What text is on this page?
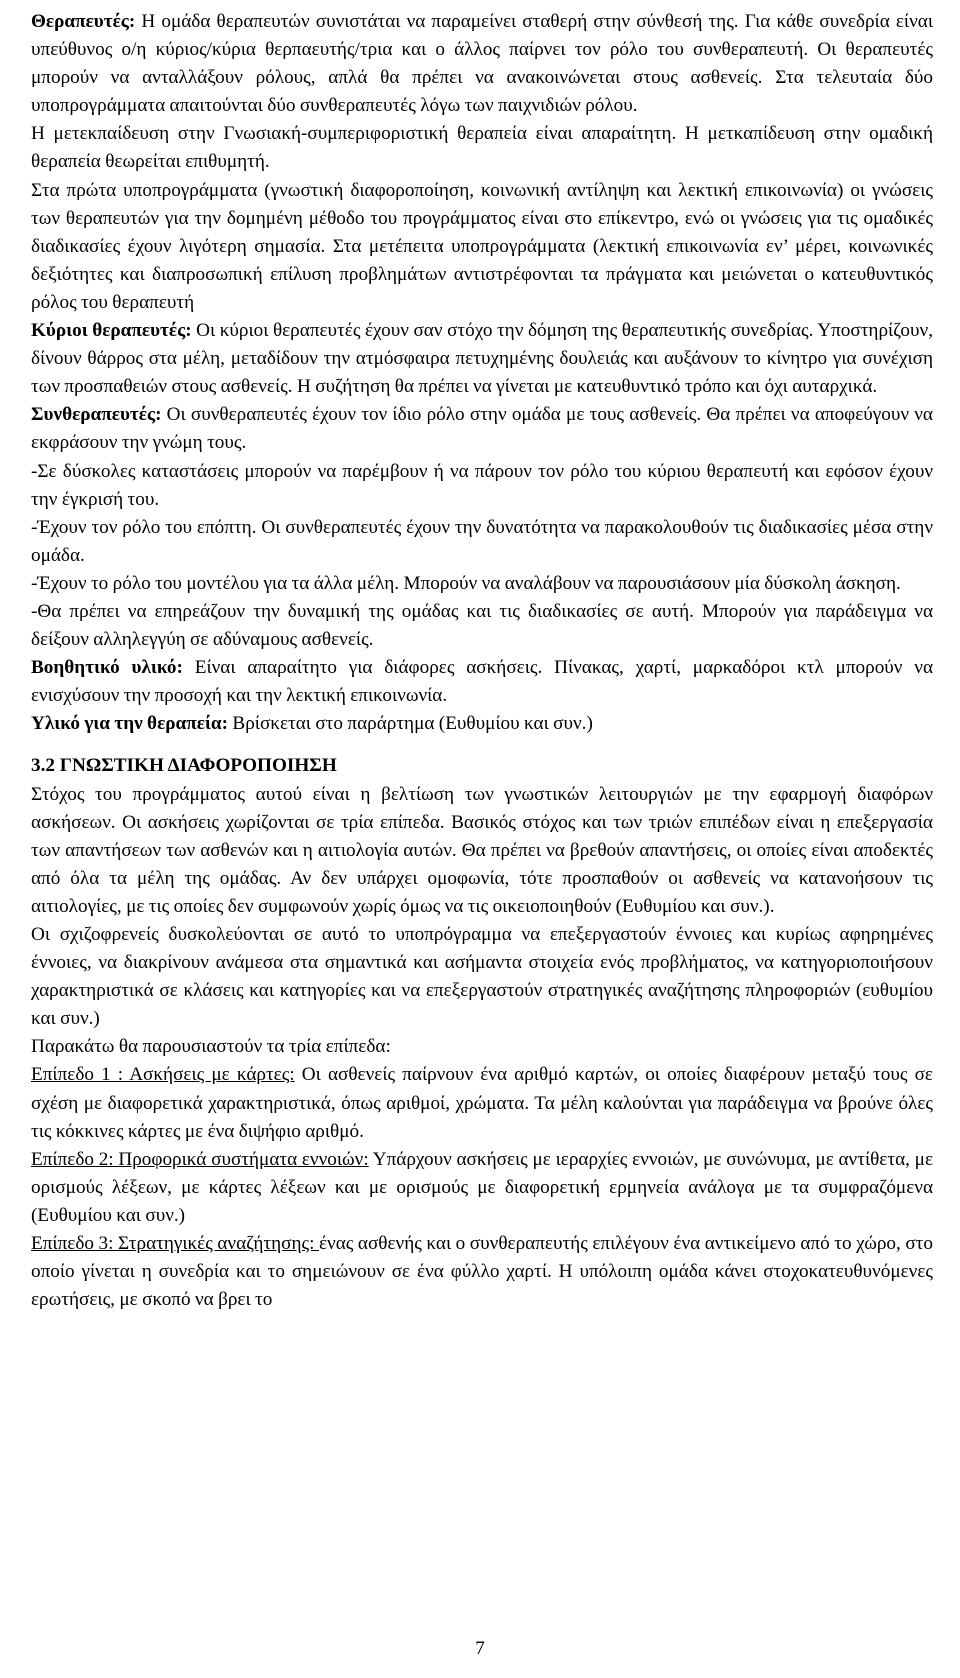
Θεραπευτές: Η ομάδα θεραπευτών συνιστάται να παραμείνει σταθερή στην σύνθεσή της. Για κάθε συνεδρία είναι υπεύθυνος ο/η κύριος/κύρια θερπαευτής/τρια και ο άλλος παίρνει τον ρόλο του συνθεραπευτή. Οι θεραπευτές μπορούν να ανταλλάξουν ρόλους, απλά θα πρέπει να ανακοινώνεται στους ασθενείς. Στα τελευταία δύο υποπρογράμματα απαιτούνται δύο συνθεραπευτές λόγω των παιχνιδιών ρόλου.

Η μετεκπαίδευση στην Γνωσιακή-συμπεριφοριστική θεραπεία είναι απαραίτητη. Η μετκαπίδευση στην ομαδική θεραπεία θεωρείται επιθυμητή.

Στα πρώτα υποπρογράμματα (γνωστική διαφοροποίηση, κοινωνική αντίληψη και λεκτική επικοινωνία) οι γνώσεις των θεραπευτών για την δομημένη μέθοδο του προγράμματος είναι στο επίκεντρο, ενώ οι γνώσεις για τις ομαδικές διαδικασίες έχουν λιγότερη σημασία. Στα μετέπειτα υποπρογράμματα (λεκτική επικοινωνία εν’ μέρει, κοινωνικές δεξιότητες και διαπροσωπική επίλυση προβλημάτων αντιστρέφονται τα πράγματα και μειώνεται ο κατευθυντικός ρόλος του θεραπευτή

Κύριοι θεραπευτές: Οι κύριοι θεραπευτές έχουν σαν στόχο την δόμηση της θεραπευτικής συνεδρίας. Υποστηρίζουν, δίνουν θάρρος στα μέλη, μεταδίδουν την ατμόσφαιρα πετυχημένης δουλειάς και αυξάνουν το κίνητρο για συνέχιση των προσπαθειών στους ασθενείς. Η συζήτηση θα πρέπει να γίνεται με κατευθυντικό τρόπο και όχι αυταρχικά.

Συνθεραπευτές: Οι συνθεραπευτές έχουν τον ίδιο ρόλο στην ομάδα με τους ασθενείς. Θα πρέπει να αποφεύγουν να εκφράσουν την γνώμη τους.

-Σε δύσκολες καταστάσεις μπορούν να παρέμβουν ή να πάρουν τον ρόλο του κύριου θεραπευτή και εφόσον έχουν την έγκρισή του.

-Έχουν τον ρόλο του επόπτη. Οι συνθεραπευτές έχουν την δυνατότητα να παρακολουθούν τις διαδικασίες μέσα στην ομάδα.

-Έχουν το ρόλο του μοντέλου για τα άλλα μέλη. Μπορούν να αναλάβουν να παρουσιάσουν μία δύσκολη άσκηση.

-Θα πρέπει να επηρεάζουν την δυναμική της ομάδας και τις διαδικασίες σε αυτή. Μπορούν για παράδειγμα να δείξουν αλληλεγγύη σε αδύναμους ασθενείς.

Βοηθητικό υλικό: Είναι απαραίτητο για διάφορες ασκήσεις. Πίνακας, χαρτί, μαρκαδόροι κτλ μπορούν να ενισχύσουν την προσοχή και την λεκτική επικοινωνία.

Υλικό για την θεραπεία: Βρίσκεται στο παράρτημα (Ευθυμίου και συν.)

3.2 ΓΝΩΣΤΙΚΗ ΔΙΑΦΟΡΟΠΟΙΗΣΗ

Στόχος του προγράμματος αυτού είναι η βελτίωση των γνωστικών λειτουργιών με την εφαρμογή διαφόρων ασκήσεων. Οι ασκήσεις χωρίζονται σε τρία επίπεδα. Βασικός στόχος και των τριών επιπέδων είναι η επεξεργασία των απαντήσεων των ασθενών και η αιτιολογία αυτών. Θα πρέπει να βρεθούν απαντήσεις, οι οποίες είναι αποδεκτές από όλα τα μέλη της ομάδας. Αν δεν υπάρχει ομοφωνία, τότε προσπαθούν οι ασθενείς να κατανοήσουν τις αιτιολογίες, με τις οποίες δεν συμφωνούν χωρίς όμως να τις οικειοποιηθούν (Ευθυμίου και συν.).

Οι σχιζοφρενείς δυσκολεύονται σε αυτό το υποπρόγραμμα να επεξεργαστούν έννοιες και κυρίως αφηρημένες έννοιες, να διακρίνουν ανάμεσα στα σημαντικά και ασήμαντα στοιχεία ενός προβλήματος, να κατηγοριοποιήσουν χαρακτηριστικά σε κλάσεις και κατηγορίες και να επεξεργαστούν στρατηγικές αναζήτησης πληροφοριών (ευθυμίου και συν.)

Παρακάτω θα παρουσιαστούν τα τρία επίπεδα:

Επίπεδο 1 : Ασκήσεις με κάρτες: Οι ασθενείς παίρνουν ένα αριθμό καρτών, οι οποίες διαφέρουν μεταξύ τους σε σχέση με διαφορετικά χαρακτηριστικά, όπως αριθμοί, χρώματα. Τα μέλη καλούνται για παράδειγμα να βρούνε όλες τις κόκκινες κάρτες με ένα διψήφιο αριθμό.

Επίπεδο 2: Προφορικά συστήματα εννοιών: Υπάρχουν ασκήσεις με ιεραρχίες εννοιών, με συνώνυμα, με αντίθετα, με ορισμούς λέξεων, με κάρτες λέξεων και με ορισμούς με διαφορετική ερμηνεία ανάλογα με τα συμφραζόμενα (Ευθυμίου και συν.)

Επίπεδο 3: Στρατηγικές αναζήτησης: ένας ασθενής και ο συνθεραπευτής επιλέγουν ένα αντικείμενο από το χώρο, στο οποίο γίνεται η συνεδρία και το σημειώνουν σε ένα φύλλο χαρτί. Η υπόλοιπη ομάδα κάνει στοχοκατευθυνόμενες ερωτήσεις, με σκοπό να βρει το

7
